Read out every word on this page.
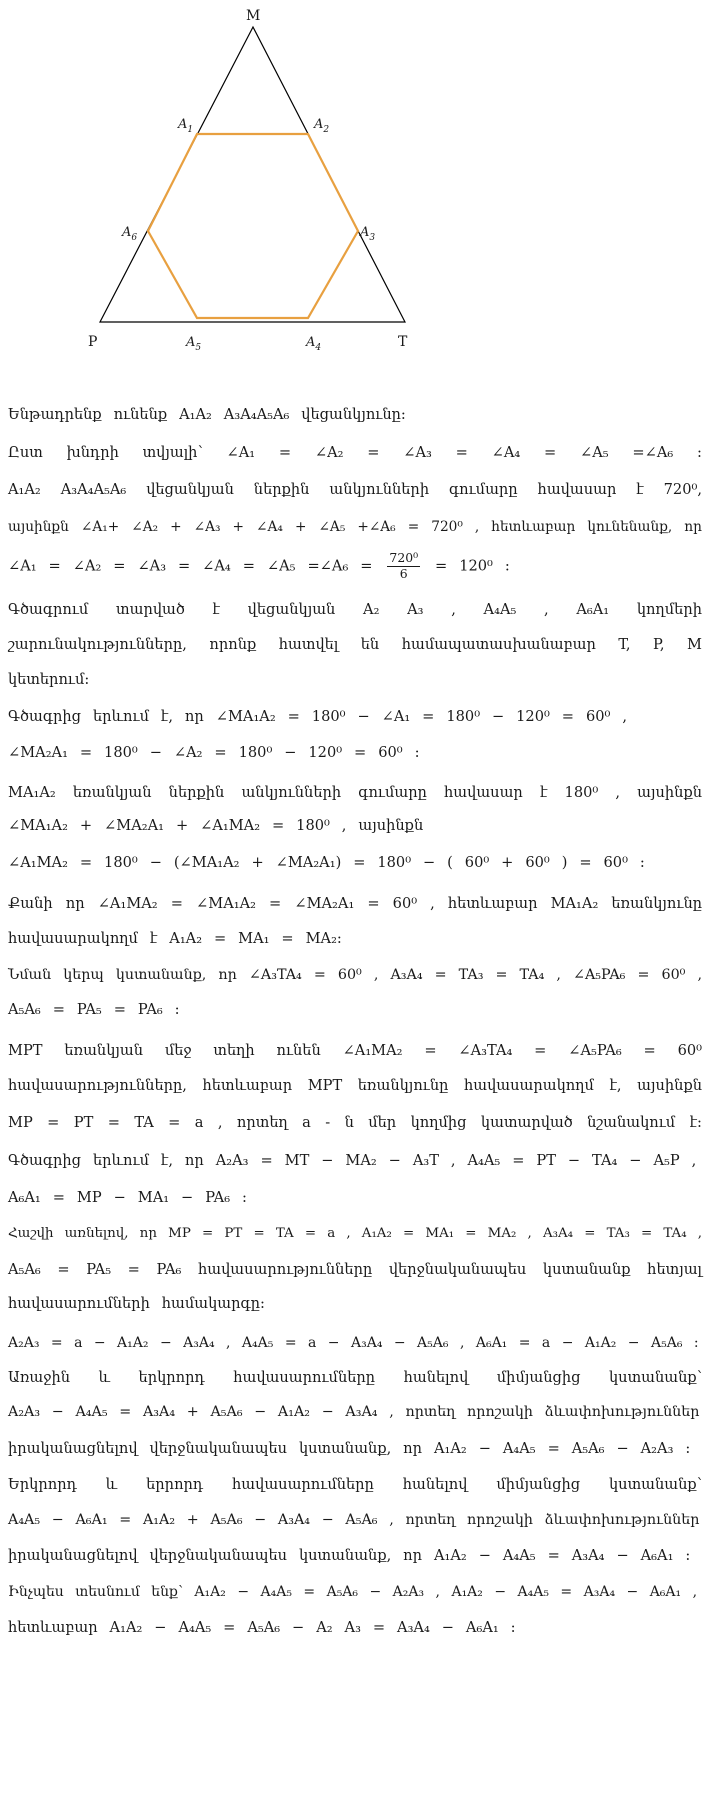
M
P	T
$A_1$	$A_2$
$A_3$
$A_4$
$A_5$
$A_6$

Ենթադրենք ունենք A₁A₂ A₃A₄A₅A₆ վեցանկյունը։

Ըստ խնդրի տվյալի՝ ∠A₁ = ∠A₂ = ∠A₃ = ∠A₄ = ∠A₅ =∠A₆ ։

A₁A₂ A₃A₄A₅A₆ վեցանկյան ներքին անկյունների գումարը հավասար է 720⁰,

այսինքն ∠A₁+ ∠A₂ + ∠A₃ + ∠A₄ + ∠A₅ +∠A₆ = 720⁰ , հետևաբար կունենանք, որ

∠A₁ = ∠A₂ = ∠A₃ = ∠A₄ = ∠A₅ =∠A₆ = $\frac{\text{720⁰}}{6} = 120^0$ ։

Գծագրում տարված է վեցանկյան A₂ A₃ , A₄A₅ , A₆A₁ կողմերի

շարունակությունները, որոնք հատվել են համապատասխանաբար T, P, M

կետերում։

Գծագրից երևում է, որ ∠MA₁A₂ = 180⁰ − ∠A₁ = 180⁰ − 120⁰ = 60⁰ ,

∠MA₂A₁ = 180⁰ − ∠A₂ = 180⁰ − 120⁰ = 60⁰ ։

MA₁A₂ եռանկյան ներքին անկյունների գումարը հավասար է 180⁰ , այսինքն

∠MA₁A₂ + ∠MA₂A₁ + ∠A₁MA₂ = 180⁰ , այսինքն

∠A₁MA₂ = 180⁰ − (∠MA₁A₂ + ∠MA₂A₁) = 180⁰ − ( 60⁰ + 60⁰ ) = 60⁰ ։

Քանի որ ∠A₁MA₂ = ∠MA₁A₂ = ∠MA₂A₁ = 60⁰ , հետևաբար MA₁A₂ եռանկյունը

հավասարակողմ է A₁A₂ = MA₁ = MA₂։

Նման կերպ կստանանք, որ ∠A₃TA₄ = 60⁰ , A₃A₄ = TA₃ = TA₄ , ∠A₅PA₆ = 60⁰ ,

A₅A₆ = PA₅ = PA₆ ։

MPT եռանկյան մեջ տեղի ունեն ∠A₁MA₂ = ∠A₃TA₄ = ∠A₅PA₆ = 60⁰

հավասարությունները, հետևաբար MPT եռանկյունը հավասարակողմ է, այսինքն

MP = PT = TA = a , որտեղ a - ն մեր կողմից կատարված նշանակում է։

Գծագրից երևում է, որ A₂A₃ = MT − MA₂ − A₃T , A₄A₅ = PT − TA₄ − A₅P ,

A₆A₁ = MP − MA₁ − PA₆ ։

Հաշվի առնելով, որ MP = PT = TA = a , A₁A₂ = MA₁ = MA₂ , A₃A₄ = TA₃ = TA₄ ,

A₅A₆ = PA₅ = PA₆ հավասարությունները վերջնականապես կստանանք հետյալ

հավասարումների համակարգը։

A₂A₃ = a − A₁A₂ − A₃A₄ , A₄A₅ = a − A₃A₄ − A₅A₆ , A₆A₁ = a − A₁A₂ − A₅A₆ ։

Առաջին և երկրորդ հավասարումները հանելով միմյանցից կստանանք՝

A₂A₃ − A₄A₅ = A₃A₄ + A₅A₆ − A₁A₂ − A₃A₄ , որտեղ որոշակի ձևափոխություններ

իրականացնելով վերջնականապես կստանանք, որ A₁A₂ − A₄A₅ = A₅A₆ − A₂A₃ ։

Երկրորդ և երրորդ հավասարումները հանելով միմյանցից կստանանք՝

A₄A₅ − A₆A₁ = A₁A₂ + A₅A₆ − A₃A₄ − A₅A₆ , որտեղ որոշակի ձևափոխություններ

իրականացնելով վերջնականապես կստանանք, որ A₁A₂ − A₄A₅ = A₃A₄ − A₆A₁ ։

Ինչպես տեսնում ենք՝ A₁A₂ − A₄A₅ = A₅A₆ − A₂A₃ , A₁A₂ − A₄A₅ = A₃A₄ − A₆A₁ ,

հետևաբար A₁A₂ − A₄A₅ = A₅A₆ − A₂ A₃ = A₃A₄ − A₆A₁ ։
